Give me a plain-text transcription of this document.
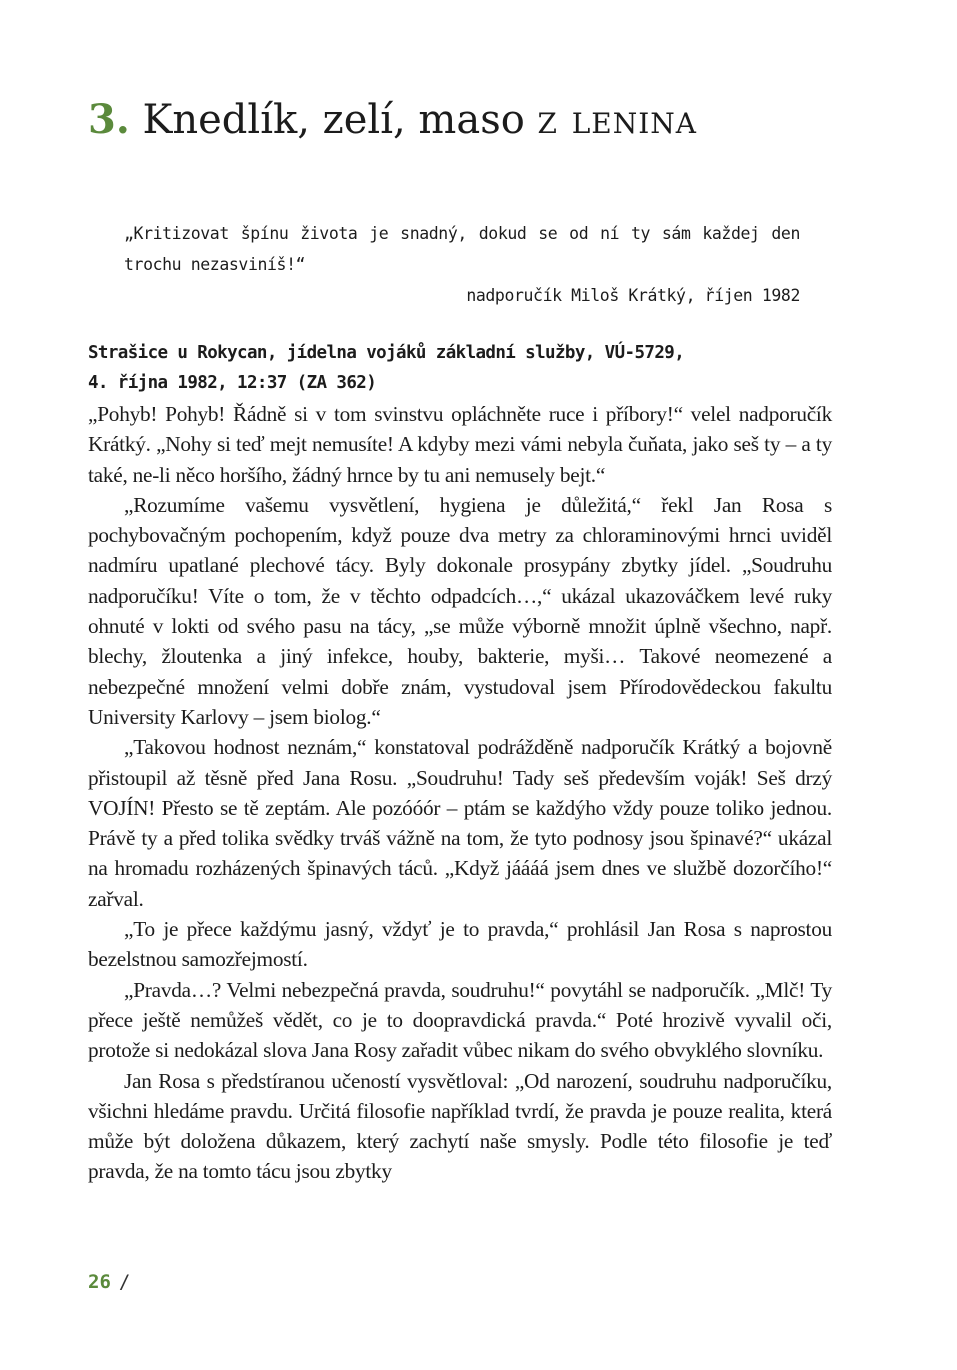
3. Knedlík, zelí, maso z lenina

„Kritizovat špínu života je snadný, dokud se od ní ty sám každej den trochu nezasviníš!“

nadporučík Miloš Krátký, říjen 1982

Strašice u Rokycan, jídelna vojáků základní služby, VÚ-5729,
4. října 1982, 12:37 (ZA 362)

„Pohyb! Pohyb! Řádně si v tom svinstvu opláchněte ruce i příbory!“ velel nadporučík Krátký. „Nohy si teď mejt nemusíte! A kdyby mezi vámi nebyla čuňata, jako seš ty – a ty také, ne-li něco horšího, žádný hrnce by tu ani nemusely bejt.“

„Rozumíme vašemu vysvětlení, hygiena je důležitá,“ řekl Jan Rosa s pochybovačným pochopením, když pouze dva metry za chloraminovými hrnci uviděl nadmíru upatlané plechové tácy. Byly dokonale prosypány zbytky jídel. „Soudruhu nadporučíku! Víte o tom, že v těchto odpadcích…,“ ukázal ukazováčkem levé ruky ohnuté v lokti od svého pasu na tácy, „se může výborně množit úplně všechno, např. blechy, žloutenka a jiný infekce, houby, bakterie, myši… Takové neomezené a nebezpečné množení velmi dobře znám, vystudoval jsem Přírodovědeckou fakultu University Karlovy – jsem biolog.“

„Takovou hodnost neznám,“ konstatoval podrážděně nadporučík Krátký a bojovně přistoupil až těsně před Jana Rosu. „Soudruhu! Tady seš především voják! Seš drzý VOJÍN! Přesto se tě zeptám. Ale pozóóór – ptám se každýho vždy pouze toliko jednou. Právě ty a před tolika svědky trváš vážně na tom, že tyto podnosy jsou špinavé?“ ukázal na hromadu rozházených špinavých táců. „Když jáááá jsem dnes ve službě dozorčího!“ zařval.

„To je přece každýmu jasný, vždyť je to pravda,“ prohlásil Jan Rosa s naprostou bezelstnou samozřejmostí.

„Pravda…? Velmi nebezpečná pravda, soudruhu!“ povytáhl se nadporučík. „Mlč! Ty přece ještě nemůžeš vědět, co je to doopravdická pravda.“ Poté hrozivě vyvalil oči, protože si nedokázal slova Jana Rosy zařadit vůbec nikam do svého obvyklého slovníku.

Jan Rosa s předstíranou učeností vysvětloval: „Od narození, soudruhu nadporučíku, všichni hledáme pravdu. Určitá filosofie například tvrdí, že pravda je pouze realita, která může být doložena důkazem, který zachytí naše smysly. Podle této filosofie je teď pravda, že na tomto tácu jsou zbytky

26 /
